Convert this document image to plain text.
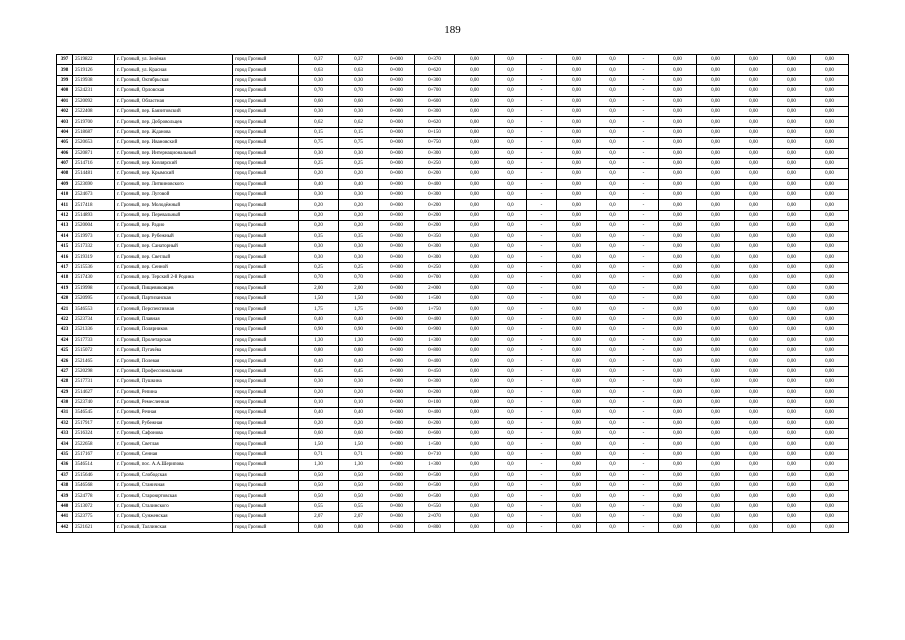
189
397	2519822	г. Грозный, ул. Зелёная	город Грозный	0,37	0,37	0+000	0+370	0,00	0,0	-	0,00	0,0	-	0,00	0,00	0,00	0,00	0,00
398	2519126	г. Грозный, ул. Красная	город Грозный	0,63	0,63	0+000	0+620	0,00	0,0	-	0,00	0,0	-	0,00	0,00	0,00	0,00	0,00
399	2519938	г. Грозный, Октябрьская	город Грозный	0,30	0,30	0+000	0+300	0,00	0,0	-	0,00	0,0	-	0,00	0,00	0,00	0,00	0,00
400	2524231	г. Грозный, Орловская	город Грозный	0,70	0,70	0+000	0+700	0,00	0,0	-	0,00	0,0	-	0,00	0,00	0,00	0,00	0,00
401	2520092	г. Грозный, Областная	город Грозный	0,60	0,60	0+000	0+600	0,00	0,0	-	0,00	0,0	-	0,00	0,00	0,00	0,00	0,00
402	2522408	г. Грозный, пер. Баязитовский	город Грозный	0,30	0,30	0+000	0+300	0,00	0,0	-	0,00	0,0	-	0,00	0,00	0,00	0,00	0,00
403	2519700	г. Грозный, пер. Добровольцев	город Грозный	0,62	0,62	0+000	0+620	0,00	0,0	-	0,00	0,0	-	0,00	0,00	0,00	0,00	0,00
404	2518687	г. Грозный, пер. Жданова	город Грозный	0,15	0,15	0+000	0+150	0,00	0,0	-	0,00	0,0	-	0,00	0,00	0,00	0,00	0,00
405	2520653	г. Грозный, пер. Ивановский	город Грозный	0,75	0,75	0+000	0+750	0,00	0,0	-	0,00	0,0	-	0,00	0,00	0,00	0,00	0,00
406	2520871	г. Грозный, пер. Интернациональный	город Грозный	0,30	0,30	0+000	0+300	0,00	0,0	-	0,00	0,0	-	0,00	0,00	0,00	0,00	0,00
407	2514716	г. Грозный, пер. Кизлярский	город Грозный	0,25	0,25	0+000	0+250	0,00	0,0	-	0,00	0,0	-	0,00	0,00	0,00	0,00	0,00
408	2514481	г. Грозный, пер. Крымский	город Грозный	0,20	0,20	0+000	0+200	0,00	0,0	-	0,00	0,0	-	0,00	0,00	0,00	0,00	0,00
409	2523690	г. Грозный, пер. Литвиновского	город Грозный	0,40	0,40	0+000	0+400	0,00	0,0	-	0,00	0,0	-	0,00	0,00	0,00	0,00	0,00
410	2524673	г. Грозный, пер. Луговой	город Грозный	0,30	0,30	0+000	0+300	0,00	0,0	-	0,00	0,0	-	0,00	0,00	0,00	0,00	0,00
411	2517418	г. Грозный, пер. Молодёжный	город Грозный	0,20	0,20	0+000	0+200	0,00	0,0	-	0,00	0,0	-	0,00	0,00	0,00	0,00	0,00
412	2514893	г. Грозный, пер. Перевальный	город Грозный	0,20	0,20	0+000	0+200	0,00	0,0	-	0,00	0,0	-	0,00	0,00	0,00	0,00	0,00
413	2520004	г. Грозный, пер. Радио	город Грозный	0,20	0,20	0+000	0+200	0,00	0,0	-	0,00	0,0	-	0,00	0,00	0,00	0,00	0,00
414	2519973	г. Грозный, пер. Рубежный	город Грозный	0,35	0,35	0+000	0+350	0,00	0,0	-	0,00	0,0	-	0,00	0,00	0,00	0,00	0,00
415	2517332	г. Грозный, пер. Санаторный	город Грозный	0,30	0,30	0+000	0+300	0,00	0,0	-	0,00	0,0	-	0,00	0,00	0,00	0,00	0,00
416	2519319	г. Грозный, пер. Светлый	город Грозный	0,30	0,30	0+000	0+300	0,00	0,0	-	0,00	0,0	-	0,00	0,00	0,00	0,00	0,00
417	2515536	г. Грозный, пер. Сенной	город Грозный	0,25	0,25	0+000	0+250	0,00	0,0	-	0,00	0,0	-	0,00	0,00	0,00	0,00	0,00
418	2517430	г. Грозный, пер. Терский 2-й Родина	город Грозный	0,70	0,70	0+000	0+700	0,00	0,0	-	0,00	0,0	-	0,00	0,00	0,00	0,00	0,00
419	2519998	г. Грозный, Пищевиковцев	город Грозный	2,00	2,00	0+000	2+000	0,00	0,0	-	0,00	0,0	-	0,00	0,00	0,00	0,00	0,00
420	2520995	г. Грозный, Партизанская	город Грозный	1,50	1,50	0+000	1+500	0,00	0,0	-	0,00	0,0	-	0,00	0,00	0,00	0,00	0,00
421	3546553	г. Грозный, Перспективная	город Грозный	1,75	1,75	0+000	1+750	0,00	0,0	-	0,00	0,0	-	0,00	0,00	0,00	0,00	0,00
422	2523734	г. Грозный, Плавная	город Грозный	0,40	0,40	0+000	0+400	0,00	0,0	-	0,00	0,0	-	0,00	0,00	0,00	0,00	0,00
423	2521336	г. Грозный, Полярников	город Грозный	0,90	0,90	0+000	0+900	0,00	0,0	-	0,00	0,0	-	0,00	0,00	0,00	0,00	0,00
424	2517733	г. Грозный, Пролетарская	город Грозный	1,30	1,30	0+000	1+300	0,00	0,0	-	0,00	0,0	-	0,00	0,00	0,00	0,00	0,00
425	2515072	г. Грозный, Пугачёва	город Грозный	0,80	0,80	0+000	0+800	0,00	0,0	-	0,00	0,0	-	0,00	0,00	0,00	0,00	0,00
426	2521465	г. Грозный, Полевая	город Грозный	0,40	0,40	0+000	0+400	0,00	0,0	-	0,00	0,0	-	0,00	0,00	0,00	0,00	0,00
427	2520298	г. Грозный, Профессиональная	город Грозный	0,45	0,45	0+000	0+450	0,00	0,0	-	0,00	0,0	-	0,00	0,00	0,00	0,00	0,00
428	2517731	г. Грозный, Пушкина	город Грозный	0,30	0,30	0+000	0+300	0,00	0,0	-	0,00	0,0	-	0,00	0,00	0,00	0,00	0,00
429	2514627	г. Грозный, Репина	город Грозный	0,20	0,20	0+000	0+200	0,00	0,0	-	0,00	0,0	-	0,00	0,00	0,00	0,00	0,00
430	2523740	г. Грозный, Ремесленная	город Грозный	0,10	0,10	0+000	0+100	0,00	0,0	-	0,00	0,0	-	0,00	0,00	0,00	0,00	0,00
431	3546545	г. Грозный, Речная	город Грозный	0,40	0,40	0+000	0+400	0,00	0,0	-	0,00	0,0	-	0,00	0,00	0,00	0,00	0,00
432	2517917	г. Грозный, Рубежная	город Грозный	0,20	0,20	0+000	0+200	0,00	0,0	-	0,00	0,0	-	0,00	0,00	0,00	0,00	0,00
433	2516324	г. Грозный, Сафонова	город Грозный	0,60	0,60	0+000	0+600	0,00	0,0	-	0,00	0,0	-	0,00	0,00	0,00	0,00	0,00
434	2522658	г. Грозный, Светлая	город Грозный	1,50	1,50	0+000	1+500	0,00	0,0	-	0,00	0,0	-	0,00	0,00	0,00	0,00	0,00
435	2517167	г. Грозный, Сенная	город Грозный	0,71	0,71	0+000	0+710	0,00	0,0	-	0,00	0,0	-	0,00	0,00	0,00	0,00	0,00
436	3546514	г. Грозный, пос. А.А.Шерипова	город Грозный	1,30	1,30	0+000	1+300	0,00	0,0	-	0,00	0,0	-	0,00	0,00	0,00	0,00	0,00
437	2515646	г. Грозный, Слободская	город Грозный	0,50	0,50	0+000	0+500	0,00	0,0	-	0,00	0,0	-	0,00	0,00	0,00	0,00	0,00
438	3546568	г. Грозный, Станичная	город Грозный	0,50	0,50	0+000	0+500	0,00	0,0	-	0,00	0,0	-	0,00	0,00	0,00	0,00	0,00
439	2524778	г. Грозный, Староюртовская	город Грозный	0,50	0,50	0+000	0+500	0,00	0,0	-	0,00	0,0	-	0,00	0,00	0,00	0,00	0,00
440	2513072	г. Грозный, Сталинского	город Грозный	0,55	0,55	0+000	0+550	0,00	0,0	-	0,00	0,0	-	0,00	0,00	0,00	0,00	0,00
441	2523775	г. Грозный, Сунженская	город Грозный	2,07	2,07	0+000	2+070	0,00	0,0	-	0,00	0,0	-	0,00	0,00	0,00	0,00	0,00
442	2521621	г. Грозный, Таллинская	город Грозный	0,80	0,80	0+000	0+800	0,00	0,0	-	0,00	0,0	-	0,00	0,00	0,00	0,00	0,00
